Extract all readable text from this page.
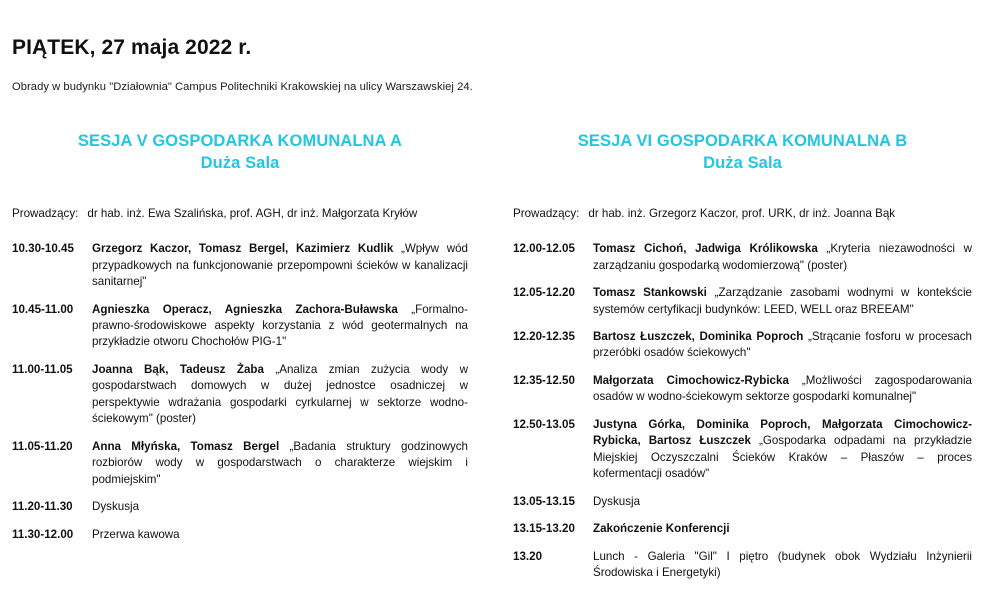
PIĄTEK, 27 maja 2022 r.
Obrady w budynku "Działownia" Campus Politechniki Krakowskiej na ulicy Warszawskiej 24.
SESJA V GOSPODARKA KOMUNALNA A
Duża Sala
Prowadzący: dr hab. inż. Ewa Szalińska, prof. AGH, dr inż. Małgorzata Kryłów
10.30-10.45	Grzegorz Kaczor, Tomasz Bergel, Kazimierz Kudlik „Wpływ wód przypadkowych na funkcjonowanie przepompowni ścieków w kanalizacji sanitarnej"
10.45-11.00	Agnieszka Operacz, Agnieszka Zachora-Buławska „Formalno-prawno-środowiskowe aspekty korzystania z wód geotermalnych na przykładzie otworu Chochołów PIG-1"
11.00-11.05	Joanna Bąk, Tadeusz Żaba „Analiza zmian zużycia wody w gospodarstwach domowych w dużej jednostce osadniczej w perspektywie wdrażania gospodarki cyrkularnej w sektorze wodno-ściekowym" (poster)
11.05-11.20	Anna Młyńska, Tomasz Bergel „Badania struktury godzinowych rozbiorów wody w gospodarstwach o charakterze wiejskim i podmiejskim"
11.20-11.30	Dyskusja
11.30-12.00	Przerwa kawowa
SESJA VI GOSPODARKA KOMUNALNA B
Duża Sala
Prowadzący: dr hab. inż. Grzegorz Kaczor, prof. URK, dr inż. Joanna Bąk
12.00-12.05	Tomasz Cichoń, Jadwiga Królikowska „Kryteria niezawodności w zarządzaniu gospodarką wodomierzową" (poster)
12.05-12.20	Tomasz Stankowski „Zarządzanie zasobami wodnymi w kontekście systemów certyfikacji budynków: LEED, WELL oraz BREEAM"
12.20-12.35	Bartosz Łuszczek, Dominika Poproch „Strącanie fosforu w procesach przeróbki osadów ściekowych"
12.35-12.50	Małgorzata Cimochowicz-Rybicka „Możliwości zagospodarowania osadów w wodno-ściekowym sektorze gospodarki komunalnej"
12.50-13.05	Justyna Górka, Dominika Poproch, Małgorzata Cimochowicz-Rybicka, Bartosz Łuszczek „Gospodarka odpadami na przykładzie Miejskiej Oczyszczalni Ścieków Kraków – Płaszów – proces kofermentacji osadów"
13.05-13.15	Dyskusja
13.15-13.20	Zakończenie Konferencji
13.20	Lunch - Galeria "Gil" I piętro (budynek obok Wydziału Inżynierii Środowiska i Energetyki)
